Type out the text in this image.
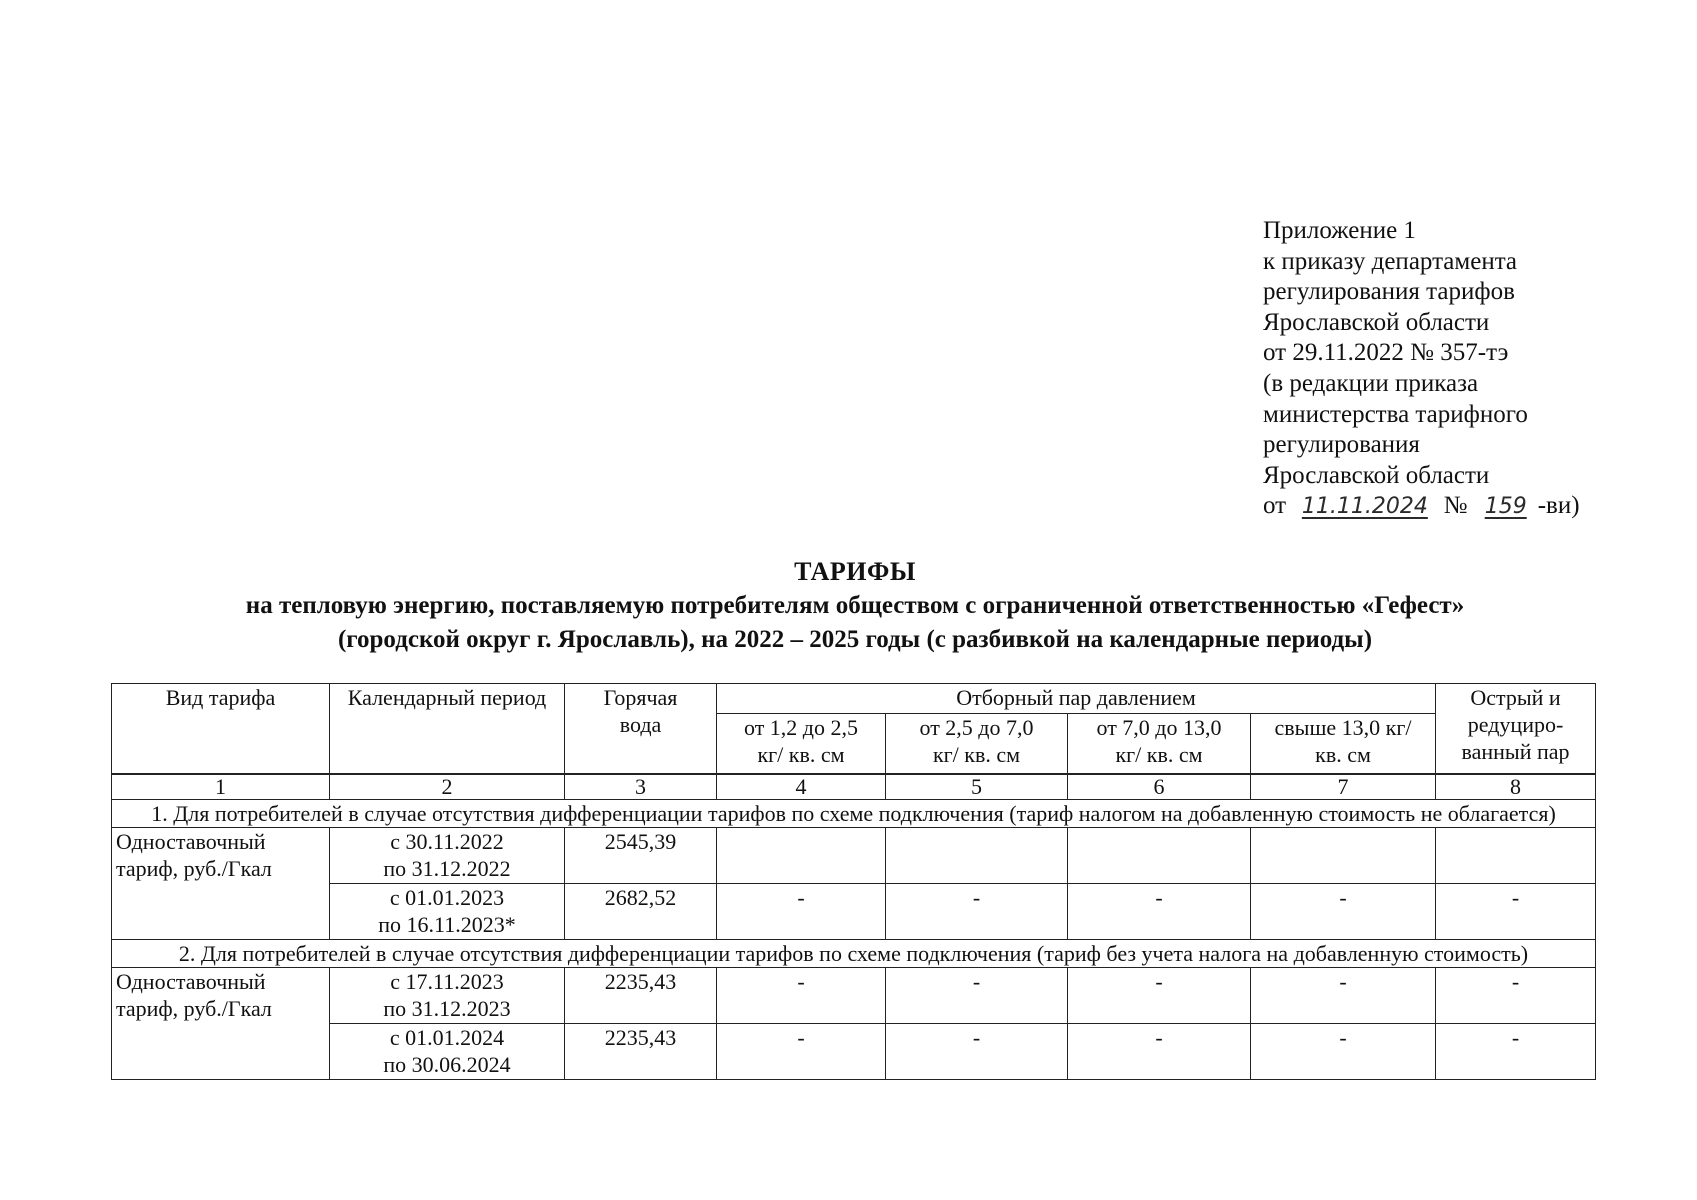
Приложение 1
к приказу департамента
регулирования тарифов
Ярославской области
от 29.11.2022 № 357-тэ
(в редакции приказа
министерства тарифного
регулирования
Ярославской области
от 11.11.2024 № 159 -ви)
ТАРИФЫ
на тепловую энергию, поставляемую потребителям обществом с ограниченной ответственностью «Гефест»
(городской округ г. Ярославль), на 2022 – 2025 годы (с разбивкой на календарные периоды)
Вид тарифа	Календарный период	Горячая вода	Отборный пар давлением				Острый и редуциро-ванный пар
			от 1,2 до 2,5 кг/ кв. см	от 2,5 до 7,0 кг/ кв. см	от 7,0 до 13,0 кг/ кв. см	свыше 13,0 кг/ кв. см	
1	2	3	4	5	6	7	8
1. Для потребителей в случае отсутствия дифференциации тарифов по схеме подключения (тариф налогом на добавленную стоимость не облагается)							
Одноставочный тариф, руб./Гкал	с 30.11.2022
по 31.12.2022	2545,39					

	с 01.01.2023
по 16.11.2023*	2682,52	-	-	-	-	-
2. Для потребителей в случае отсутствия дифференциации тарифов по схеме подключения (тариф без учета налога на добавленную стоимость)							
Одноставочный тариф, руб./Гкал	с 17.11.2023
по 31.12.2023	2235,43	-	-	-	-	-

	с 01.01.2024
по 30.06.2024	2235,43	-	-	-	-	-
